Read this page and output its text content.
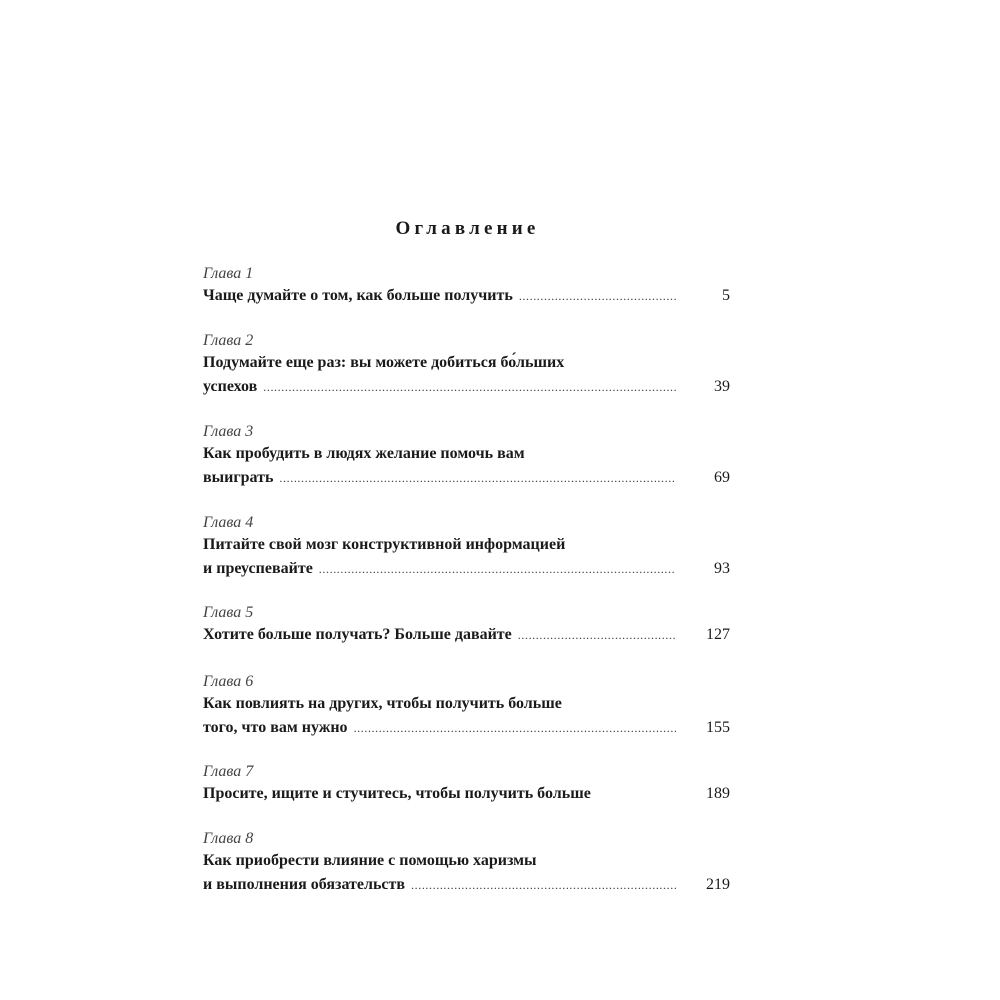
Оглавление
Глава 1
Чаще думайте о том, как больше получить .....	5
Глава 2
Подумайте еще раз: вы можете добиться бо́льших
успехов .....	39
Глава 3
Как пробудить в людях желание помочь вам
выиграть .....	69
Глава 4
Питайте свой мозг конструктивной информацией
и преуспевайте .....	93
Глава 5
Хотите больше получать? Больше давайте .....	127
Глава 6
Как повлиять на других, чтобы получить больше
того, что вам нужно .....	155
Глава 7
Просите, ищите и стучитесь, чтобы получить больше	189
Глава 8
Как приобрести влияние с помощью харизмы
и выполнения обязательств .....	219
